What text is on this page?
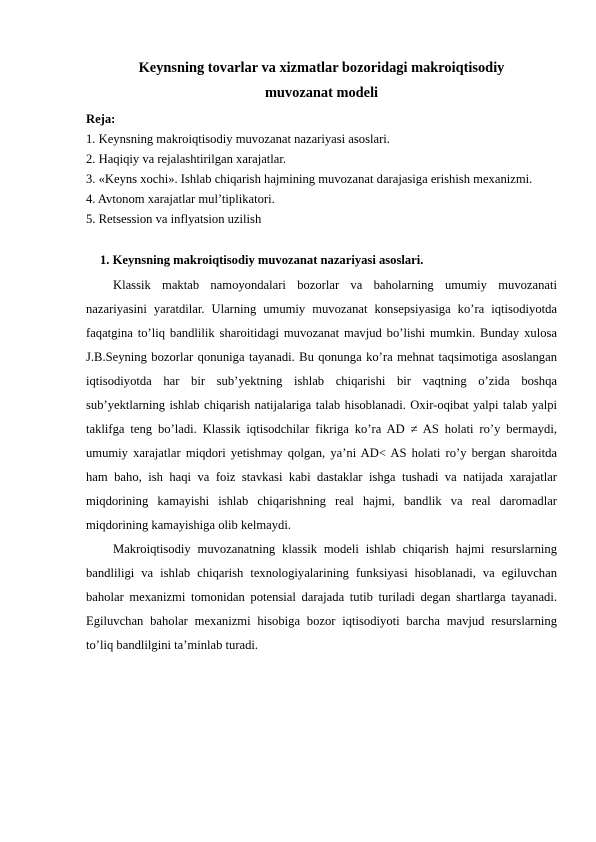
Keynsning tovarlar va xizmatlar bozoridagi makroiqtisodiy
muvozanat modeli

Reja:

1. Keynsning makroiqtisodiy muvozanat nazariyasi asoslari.

2. Haqiqiy va rejalashtirilgan xarajatlar.

3. «Keyns xochi». Ishlab chiqarish hajmining muvozanat darajasiga erishish mexanizmi.

4. Avtonom xarajatlar mul’tiplikatori.

5. Retsession va inflyatsion uzilish

1. Keynsning makroiqtisodiy muvozanat nazariyasi asoslari.

Klassik maktab namoyondalari bozorlar va baholarning umumiy muvozanati nazariyasini yaratdilar. Ularning umumiy muvozanat konsepsiyasiga ko’ra iqtisodiyotda faqatgina to’liq bandlilik sharoitidagi muvozanat mavjud bo’lishi mumkin. Bunday xulosa J.B.Seyning bozorlar qonuniga tayanadi. Bu qonunga ko’ra mehnat taqsimotiga asoslangan iqtisodiyotda har bir sub’yektning ishlab chiqarishi bir vaqtning o’zida boshqa sub’yektlarning ishlab chiqarish natijalariga talab hisoblanadi. Oxir-oqibat yalpi talab yalpi taklifga teng bo’ladi. Klassik iqtisodchilar fikriga ko’ra AD ≠ AS holati ro’y bermaydi, umumiy xarajatlar miqdori yetishmay qolgan, ya’ni AD< AS holati ro’y bergan sharoitda ham baho, ish haqi va foiz stavkasi kabi dastaklar ishga tushadi va natijada xarajatlar miqdorining kamayishi ishlab chiqarishning real hajmi, bandlik va real daromadlar miqdorining kamayishiga olib kelmaydi.

Makroiqtisodiy muvozanatning klassik modeli ishlab chiqarish hajmi resurslarning bandliligi va ishlab chiqarish texnologiyalarining funksiyasi hisoblanadi, va egiluvchan baholar mexanizmi tomonidan potensial darajada tutib turiladi degan shartlarga tayanadi. Egiluvchan baholar mexanizmi hisobiga bozor iqtisodiyoti barcha mavjud resurslarning to’liq bandlilgini ta’minlab turadi.
